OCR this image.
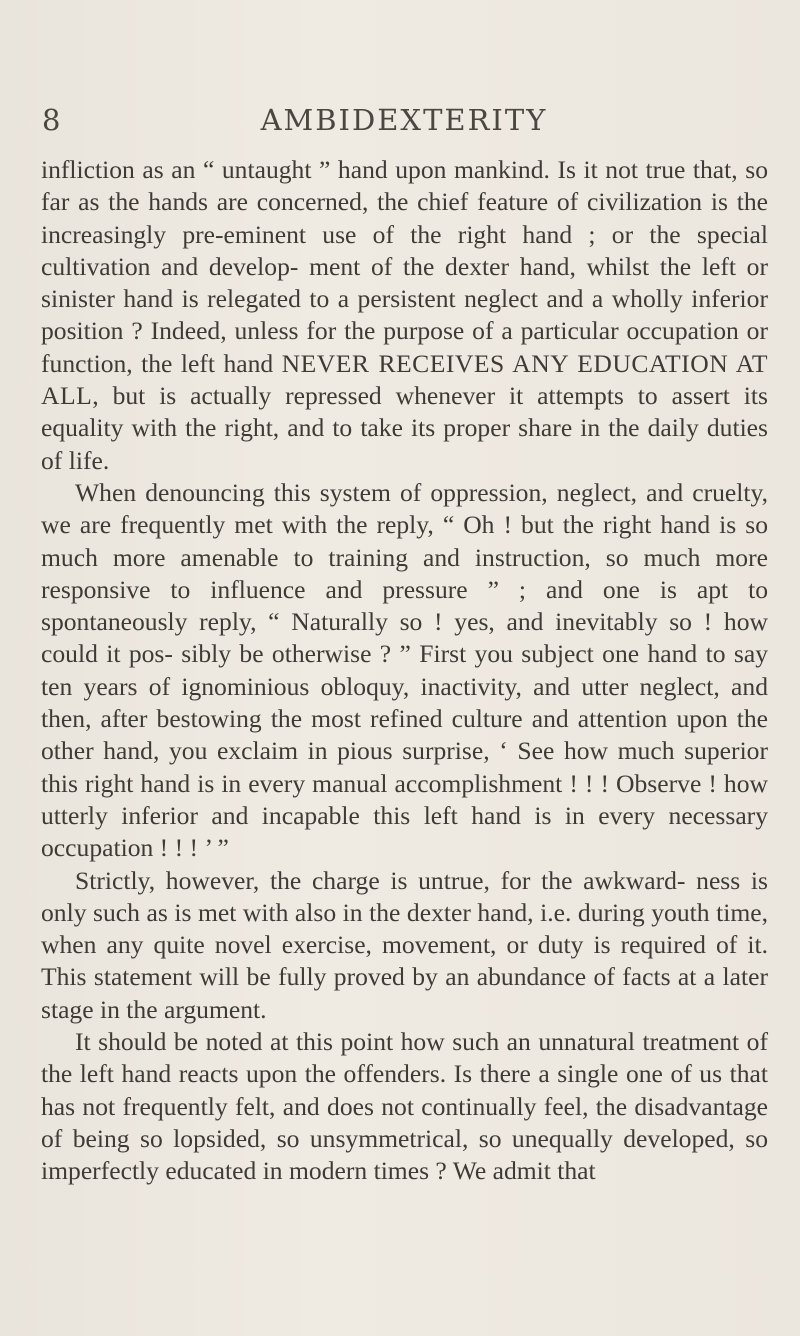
8	AMBIDEXTERITY

infliction as an “ untaught ” hand upon mankind. Is it not true that, so far as the hands are concerned, the chief feature of civilization is the increasingly pre-eminent use of the right hand ; or the special cultivation and develop- ment of the dexter hand, whilst the left or sinister hand is relegated to a persistent neglect and a wholly inferior position ? Indeed, unless for the purpose of a particular occupation or function, the left hand NEVER RECEIVES ANY EDUCATION AT ALL, but is actually repressed whenever it attempts to assert its equality with the right, and to take its proper share in the daily duties of life.

When denouncing this system of oppression, neglect, and cruelty, we are frequently met with the reply, “ Oh ! but the right hand is so much more amenable to training and instruction, so much more responsive to influence and pressure ” ; and one is apt to spontaneously reply, “ Naturally so ! yes, and inevitably so ! how could it pos- sibly be otherwise ? ” First you subject one hand to say ten years of ignominious obloquy, inactivity, and utter neglect, and then, after bestowing the most refined culture and attention upon the other hand, you exclaim in pious surprise, ‘ See how much superior this right hand is in every manual accomplishment ! ! ! Observe ! how utterly inferior and incapable this left hand is in every necessary occupation ! ! ! ’ ”

Strictly, however, the charge is untrue, for the awkward- ness is only such as is met with also in the dexter hand, i.e. during youth time, when any quite novel exercise, movement, or duty is required of it. This statement will be fully proved by an abundance of facts at a later stage in the argument.

It should be noted at this point how such an unnatural treatment of the left hand reacts upon the offenders. Is there a single one of us that has not frequently felt, and does not continually feel, the disadvantage of being so lopsided, so unsymmetrical, so unequally developed, so imperfectly educated in modern times ? We admit that
